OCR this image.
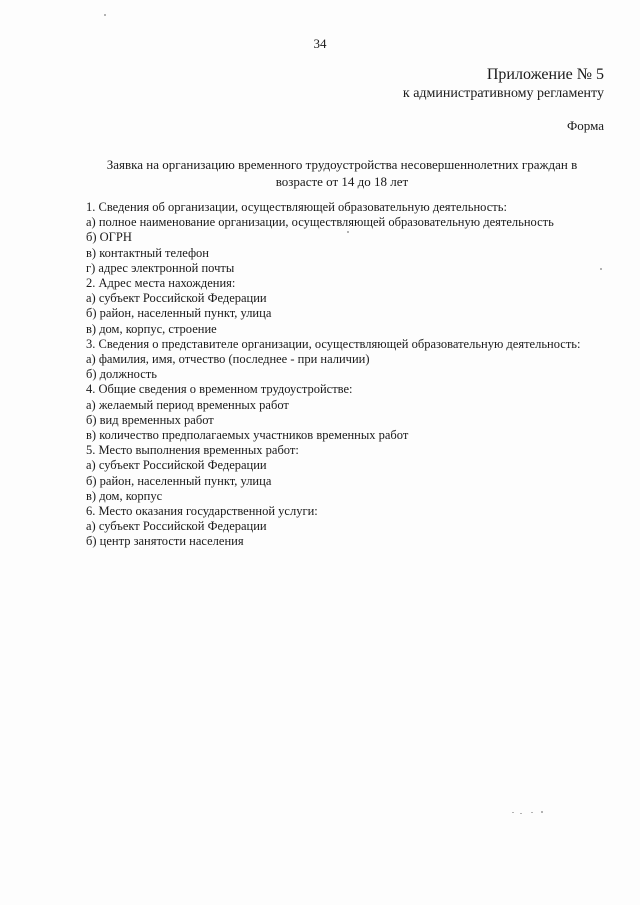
34
Приложение № 5
к административному регламенту
Форма
Заявка на организацию временного трудоустройства несовершеннолетних граждан в возрасте от 14 до 18 лет
1. Сведения об организации, осуществляющей образовательную деятельность:
а) полное наименование организации, осуществляющей образовательную деятельность
б) ОГРН
в) контактный телефон
г) адрес электронной почты
2. Адрес места нахождения:
а) субъект Российской Федерации
б) район, населенный пункт, улица
в) дом, корпус, строение
3. Сведения о представителе организации, осуществляющей образовательную деятельность:
а) фамилия, имя, отчество (последнее - при наличии)
б) должность
4. Общие сведения о временном трудоустройстве:
а) желаемый период временных работ
б) вид временных работ
в) количество предполагаемых участников временных работ
5. Место выполнения временных работ:
а) субъект Российской Федерации
б) район, населенный пункт, улица
в) дом, корпус
6. Место оказания государственной услуги:
а) субъект Российской Федерации
б) центр занятости населения
